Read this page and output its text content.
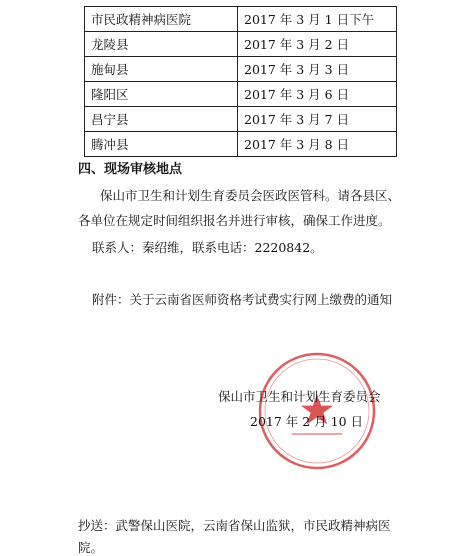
市民政精神病医院	2017 年 3 月 1 日下午
龙陵县	2017 年 3 月 2 日
施甸县	2017 年 3 月 3 日
隆阳区	2017 年 3 月 6 日
昌宁县	2017 年 3 月 7 日
腾冲县	2017 年 3 月 8 日
四、现场审核地点
保山市卫生和计划生育委员会医政医管科。请各县区、
各单位在规定时间组织报名并进行审核，确保工作进度。
联系人：秦绍维，联系电话：2220842。
附件：关于云南省医师资格考试费实行网上缴费的通知
保山市卫生和计划生育委员会
2017 年 2 月 10 日
抄送：武警保山医院，云南省保山监狱，市民政精神病医
院。
